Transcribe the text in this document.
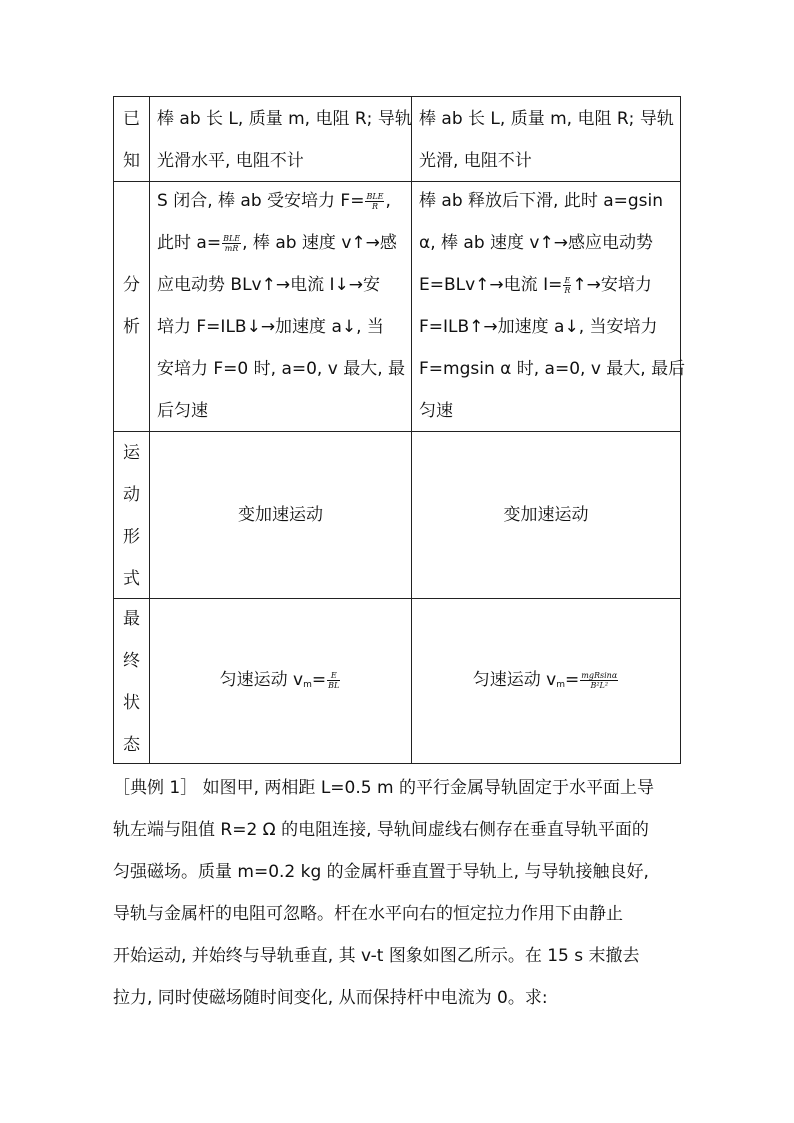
已
知
棒 ab 长 L, 质量 m, 电阻 R; 导轨
光滑水平, 电阻不计
棒 ab 长 L, 质量 m, 电阻 R; 导轨
光滑, 电阻不计
分
析
S 闭合, 棒 ab 受安培力 $F= \frac{\text{BLE}}{R}$ ,
此时 $a= \frac{\text{BLE}}{mR}$ , 棒 ab 速度 v↑→感
应电动势 BLv↑→电流 I↓→安
培力 F=ILB↓→加速度 a↓, 当
安培力 F=0 时, a=0, v 最大, 最
后匀速
棒 ab 释放后下滑, 此时 a=gsin
α, 棒 ab 速度 v↑→感应电动势
E=BLv↑→电流 $I= \frac{E}{R}$ ↑→安培力
F=ILB↑→加速度 a↓, 当安培力
F=mgsin α 时, a=0, v 最大, 最后
匀速
运
动
形
式
变加速运动	变加速运动
最
终
状
态
匀速运动 $v_m= \frac{E}{BL}$	匀速运动 $v_m= \frac{\text{mgRsinα}}{\text{B²L²}}$
［典例 1］ 如图甲, 两相距 L=0.5 m 的平行金属导轨固定于水平面上导
轨左端与阻值 R=2 Ω 的电阻连接, 导轨间虚线右侧存在垂直导轨平面的
匀强磁场。质量 m=0.2 kg 的金属杆垂直置于导轨上, 与导轨接触良好,
导轨与金属杆的电阻可忽略。杆在水平向右的恒定拉力作用下由静止
开始运动, 并始终与导轨垂直, 其 v-t 图象如图乙所示。在 15 s 末撤去
拉力, 同时使磁场随时间变化, 从而保持杆中电流为 0。求:
